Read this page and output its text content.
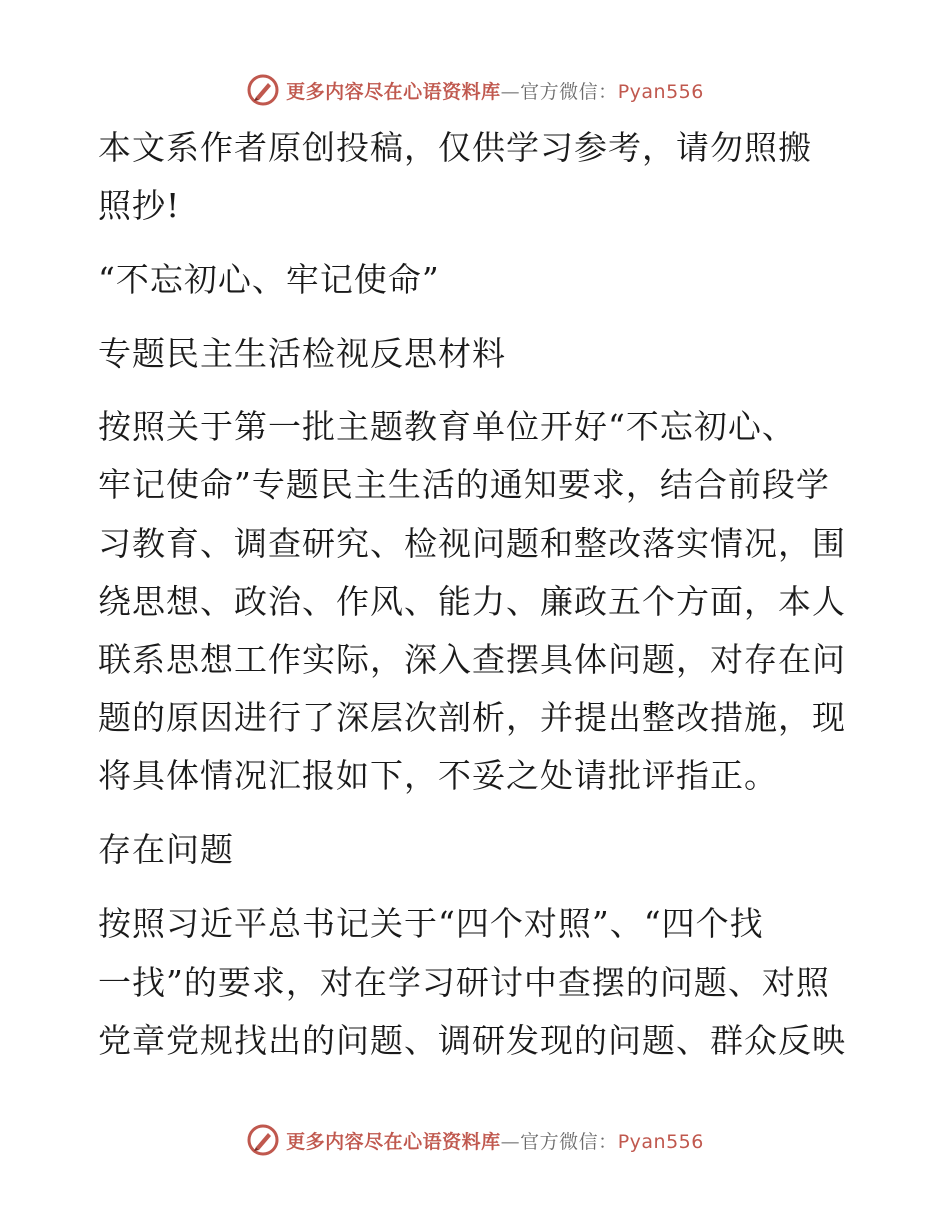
更多内容尽在心语资料库—官方微信：Pyan556
本文系作者原创投稿，仅供学习参考，请勿照搬
照抄!
“不忘初心、牢记使命”
专题民主生活检视反思材料
按照关于第一批主题教育单位开好“不忘初心、
牢记使命”专题民主生活的通知要求，结合前段学
习教育、调查研究、检视问题和整改落实情况，围
绕思想、政治、作风、能力、廉政五个方面，本人
联系思想工作实际，深入查摆具体问题，对存在问
题的原因进行了深层次剖析，并提出整改措施，现
将具体情况汇报如下，不妥之处请批评指正。
存在问题
按照习近平总书记关于“四个对照”、“四个找
一找”的要求，对在学习研讨中查摆的问题、对照
党章党规找出的问题、调研发现的问题、群众反映
更多内容尽在心语资料库—官方微信：Pyan556
